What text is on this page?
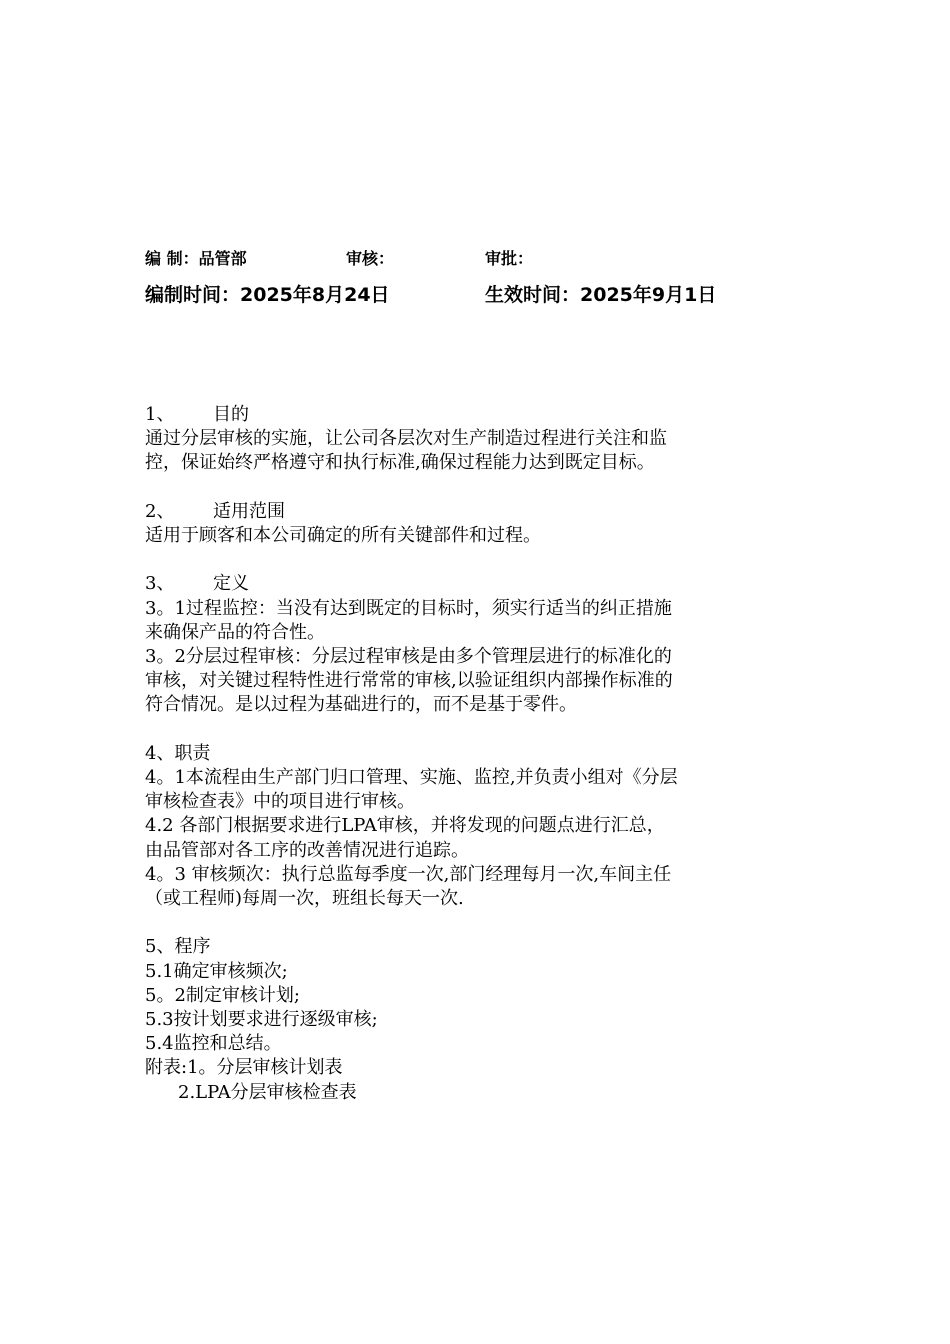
编 制：品管部	审核：	审批：
编制时间：2025年8月24日	生效时间：2025年9月1日
1、 目的
通过分层审核的实施，让公司各层次对生产制造过程进行关注和监
控，保证始终严格遵守和执行标准,确保过程能力达到既定目标。
2、 适用范围
适用于顾客和本公司确定的所有关键部件和过程。
3、 定义
3。1过程监控：当没有达到既定的目标时，须实行适当的纠正措施
来确保产品的符合性。
3。2分层过程审核：分层过程审核是由多个管理层进行的标准化的
审核，对关键过程特性进行常常的审核,以验证组织内部操作标准的
符合情况。是以过程为基础进行的，而不是基于零件。
4、职责
4。1本流程由生产部门归口管理、实施、监控,并负责小组对《分层
审核检查表》中的项目进行审核。
4.2 各部门根据要求进行LPA审核，并将发现的问题点进行汇总，
由品管部对各工序的改善情况进行追踪。
4。3 审核频次：执行总监每季度一次,部门经理每月一次,车间主任
（或工程师)每周一次，班组长每天一次.
5、程序
5.1确定审核频次;
5。2制定审核计划;
5.3按计划要求进行逐级审核;
5.4监控和总结。
附表:1。分层审核计划表
2.LPA分层审核检查表
